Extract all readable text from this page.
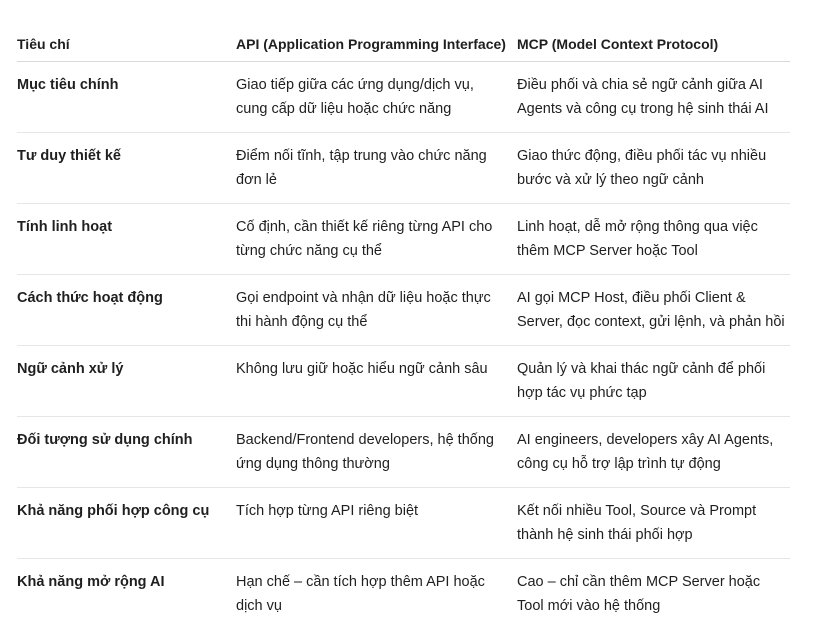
Tiêu chí	API (Application Programming Interface)	MCP (Model Context Protocol)
Mục tiêu chính	Giao tiếp giữa các ứng dụng/dịch vụ, cung cấp dữ liệu hoặc chức năng	Điều phối và chia sẻ ngữ cảnh giữa AI Agents và công cụ trong hệ sinh thái AI
Tư duy thiết kế	Điểm nối tĩnh, tập trung vào chức năng đơn lẻ	Giao thức động, điều phối tác vụ nhiều bước và xử lý theo ngữ cảnh
Tính linh hoạt	Cố định, cần thiết kế riêng từng API cho từng chức năng cụ thể	Linh hoạt, dễ mở rộng thông qua việc thêm MCP Server hoặc Tool
Cách thức hoạt động	Gọi endpoint và nhận dữ liệu hoặc thực thi hành động cụ thể	AI gọi MCP Host, điều phối Client & Server, đọc context, gửi lệnh, và phản hồi
Ngữ cảnh xử lý	Không lưu giữ hoặc hiểu ngữ cảnh sâu	Quản lý và khai thác ngữ cảnh để phối hợp tác vụ phức tạp
Đối tượng sử dụng chính	Backend/Frontend developers, hệ thống ứng dụng thông thường	AI engineers, developers xây AI Agents, công cụ hỗ trợ lập trình tự động
Khả năng phối hợp công cụ	Tích hợp từng API riêng biệt	Kết nối nhiều Tool, Source và Prompt thành hệ sinh thái phối hợp
Khả năng mở rộng AI	Hạn chế – cần tích hợp thêm API hoặc dịch vụ	Cao – chỉ cần thêm MCP Server hoặc Tool mới vào hệ thống
